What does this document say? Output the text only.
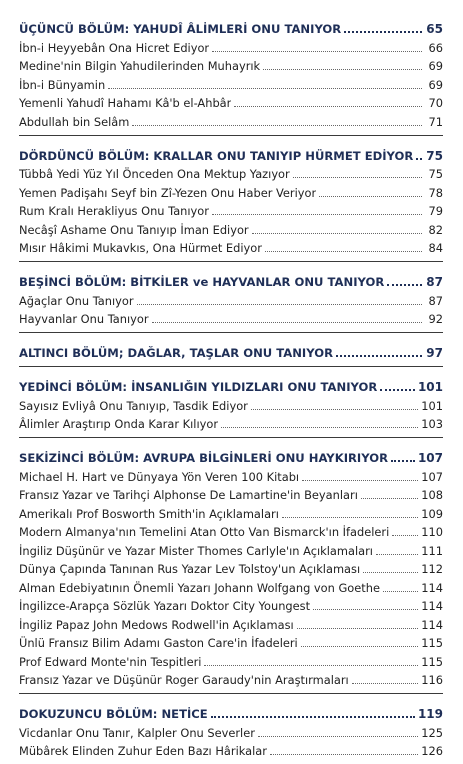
ÜÇÜNCÜ BÖLÜM: YAHUDÎ ÂLİMLERİ ONU TANIYOR	65
İbn-i Heyyebân Ona Hicret Ediyor	66
Medine'nin Bilgin Yahudilerinden Muhayrık	69
İbn-i Bünyamin	69
Yemenli Yahudî Hahamı Kâ'b el-Ahbâr	70
Abdullah bin Selâm	71
DÖRDÜNCÜ BÖLÜM: KRALLAR ONU TANIYIP HÜRMET EDİYOR 75
Tübbâ Yedi Yüz Yıl Önceden Ona Mektup Yazıyor	75
Yemen Padişahı Seyf bin Zî-Yezen Onu Haber Veriyor	78
Rum Kralı Herakliyus Onu Tanıyor	79
Necâşî Ashame Onu Tanıyıp İman Ediyor	82
Mısır Hâkimi Mukavkıs, Ona Hürmet Ediyor	84
BEŞİNCİ BÖLÜM: BİTKİLER ve HAYVANLAR ONU TANIYOR	87
Ağaçlar Onu Tanıyor	87
Hayvanlar Onu Tanıyor	92
ALTINCI BÖLÜM; DAĞLAR, TAŞLAR ONU TANIYOR	97
YEDİNCİ BÖLÜM: İNSANLIĞIN YILDIZLARI ONU TANIYOR	101
Sayısız Evliyâ Onu Tanıyıp, Tasdik Ediyor	101
Âlimler Araştırıp Onda Karar Kılıyor	103
SEKİZİNCİ BÖLÜM: AVRUPA BİLGİNLERİ ONU HAYKIRIYOR 107
Michael H. Hart ve Dünyaya Yön Veren 100 Kitabı	107
Fransız Yazar ve Tarihçi Alphonse De Lamartine'in Beyanları	108
Amerikalı Prof Bosworth Smith'in Açıklamaları	109
Modern Almanya'nın Temelini Atan Otto Van Bismarck'ın İfadeleri	110
İngiliz Düşünür ve Yazar Mister Thomes Carlyle'ın Açıklamaları	111
Dünya Çapında Tanınan Rus Yazar Lev Tolstoy'un Açıklaması	112
Alman Edebiyatının Önemli Yazarı Johann Wolfgang von Goethe	114
İngilizce-Arapça Sözlük Yazarı Doktor City Youngest	114
İngiliz Papaz John Medows Rodwell'in Açıklaması	114
Ünlü Fransız Bilim Adamı Gaston Care'in İfadeleri	115
Prof Edward Monte'nin Tespitleri	115
Fransız Yazar ve Düşünür Roger Garaudy'nin Araştırmaları	116
DOKUZUNCU BÖLÜM: NETİCE	119
Vicdanlar Onu Tanır, Kalpler Onu Severler	125
Mübârek Elinden Zuhur Eden Bazı Hârikalar	126
